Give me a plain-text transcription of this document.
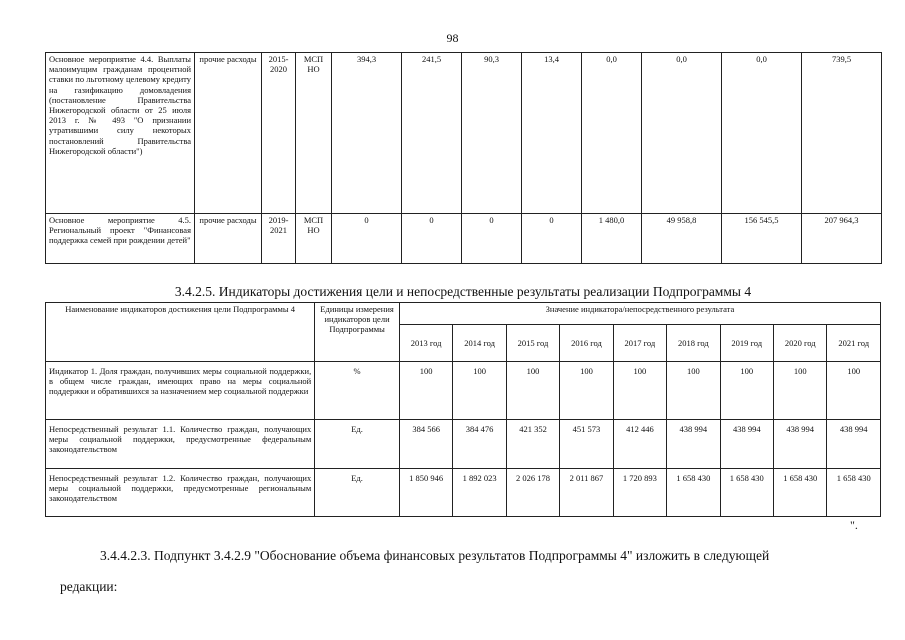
98
Основное мероприятие 4.4. Выплаты малоимущим гражданам процентной ставки по льготному целевому кредиту на газификацию домовладения (постановление Правительства Нижегородской области от 25 июля 2013 г. № 493 "О признании утратившими силу некоторых постановлений Правительства Нижегородской области")	прочие расходы	2015-2020	МСП НО	394,3	241,5	90,3	13,4	0,0	0,0	0,0	739,5
Основное мероприятие 4.5. Региональный проект "Финансовая поддержка семей при рождении детей"	прочие расходы	2019-2021	МСП НО	0	0	0	0	1 480,0	49 958,8	156 545,5	207 964,3
3.4.2.5. Индикаторы достижения цели и непосредственные результаты реализации Подпрограммы 4
Наименование индикаторов достижения цели Подпрограммы 4	Единицы измерения индикаторов цели Подпрограммы	Значение индикатора/непосредственного результата								
		2013 год	2014 год	2015 год	2016 год	2017 год	2018 год	2019 год	2020 год	2021 год
Индикатор 1. Доля граждан, получивших меры социальной поддержки, в общем числе граждан, имеющих право на меры социальной поддержки и обратившихся за назначением мер социальной поддержки	%	100	100	100	100	100	100	100	100	100
Непосредственный результат 1.1. Количество граждан, получающих меры социальной поддержки, предусмотренные федеральным законодательством	Ед.	384 566	384 476	421 352	451 573	412 446	438 994	438 994	438 994	438 994
Непосредственный результат 1.2. Количество граждан, получающих меры социальной поддержки, предусмотренные региональным законодательством	Ед.	1 850 946	1 892 023	2 026 178	2 011 867	1 720 893	1 658 430	1 658 430	1 658 430	1 658 430
".
3.4.4.2.3. Подпункт 3.4.2.9 "Обоснование объема финансовых результатов Подпрограммы 4" изложить в следующей
редакции:
